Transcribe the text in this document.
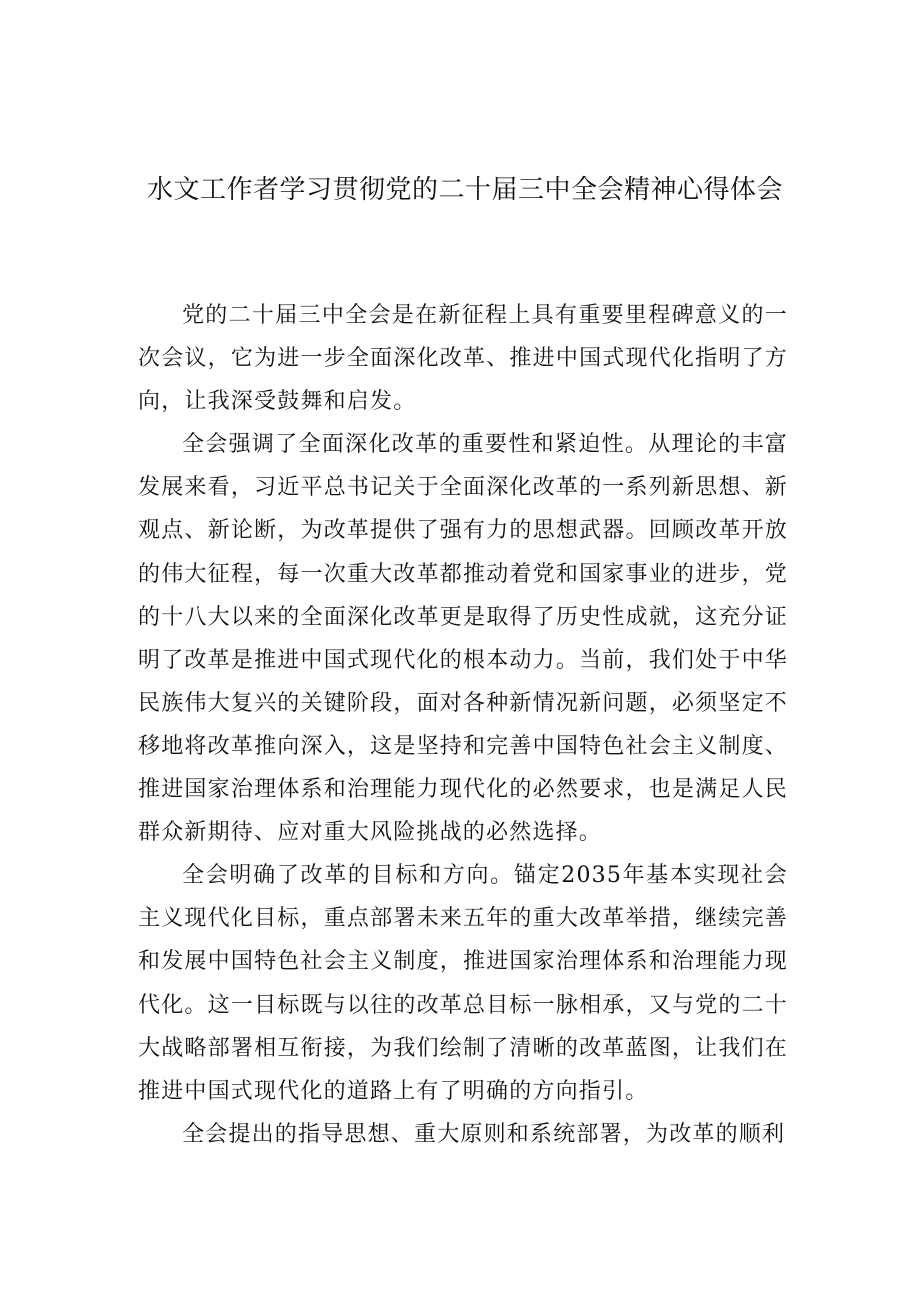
水文工作者学习贯彻党的二十届三中全会精神心得体会

党的二十届三中全会是在新征程上具有重要里程碑意义的一次会议，它为进一步全面深化改革、推进中国式现代化指明了方向，让我深受鼓舞和启发。

全会强调了全面深化改革的重要性和紧迫性。从理论的丰富发展来看，习近平总书记关于全面深化改革的一系列新思想、新观点、新论断，为改革提供了强有力的思想武器。回顾改革开放的伟大征程，每一次重大改革都推动着党和国家事业的进步，党的十八大以来的全面深化改革更是取得了历史性成就，这充分证明了改革是推进中国式现代化的根本动力。当前，我们处于中华民族伟大复兴的关键阶段，面对各种新情况新问题，必须坚定不移地将改革推向深入，这是坚持和完善中国特色社会主义制度、推进国家治理体系和治理能力现代化的必然要求，也是满足人民群众新期待、应对重大风险挑战的必然选择。

全会明确了改革的目标和方向。锚定2035年基本实现社会主义现代化目标，重点部署未来五年的重大改革举措，继续完善和发展中国特色社会主义制度，推进国家治理体系和治理能力现代化。这一目标既与以往的改革总目标一脉相承，又与党的二十大战略部署相互衔接，为我们绘制了清晰的改革蓝图，让我们在推进中国式现代化的道路上有了明确的方向指引。

全会提出的指导思想、重大原则和系统部署，为改革的顺利
